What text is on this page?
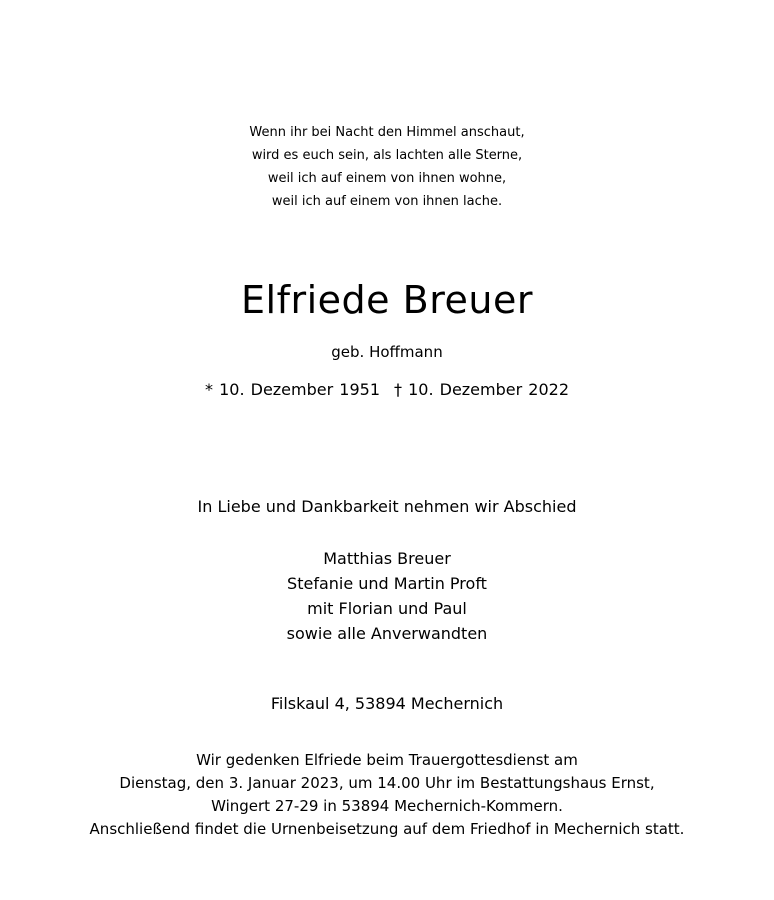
Wenn ihr bei Nacht den Himmel anschaut,
wird es euch sein, als lachten alle Sterne,
weil ich auf einem von ihnen wohne,
weil ich auf einem von ihnen lache.
Elfriede Breuer
geb. Hoffmann
* 10. Dezember 1951 † 10. Dezember 2022
In Liebe und Dankbarkeit nehmen wir Abschied
Matthias Breuer
Stefanie und Martin Proft
mit Florian und Paul
sowie alle Anverwandten
Filskaul 4, 53894 Mechernich
Wir gedenken Elfriede beim Trauergottesdienst am
Dienstag, den 3. Januar 2023, um 14.00 Uhr im Bestattungshaus Ernst,
Wingert 27-29 in 53894 Mechernich-Kommern.
Anschließend findet die Urnenbeisetzung auf dem Friedhof in Mechernich statt.
